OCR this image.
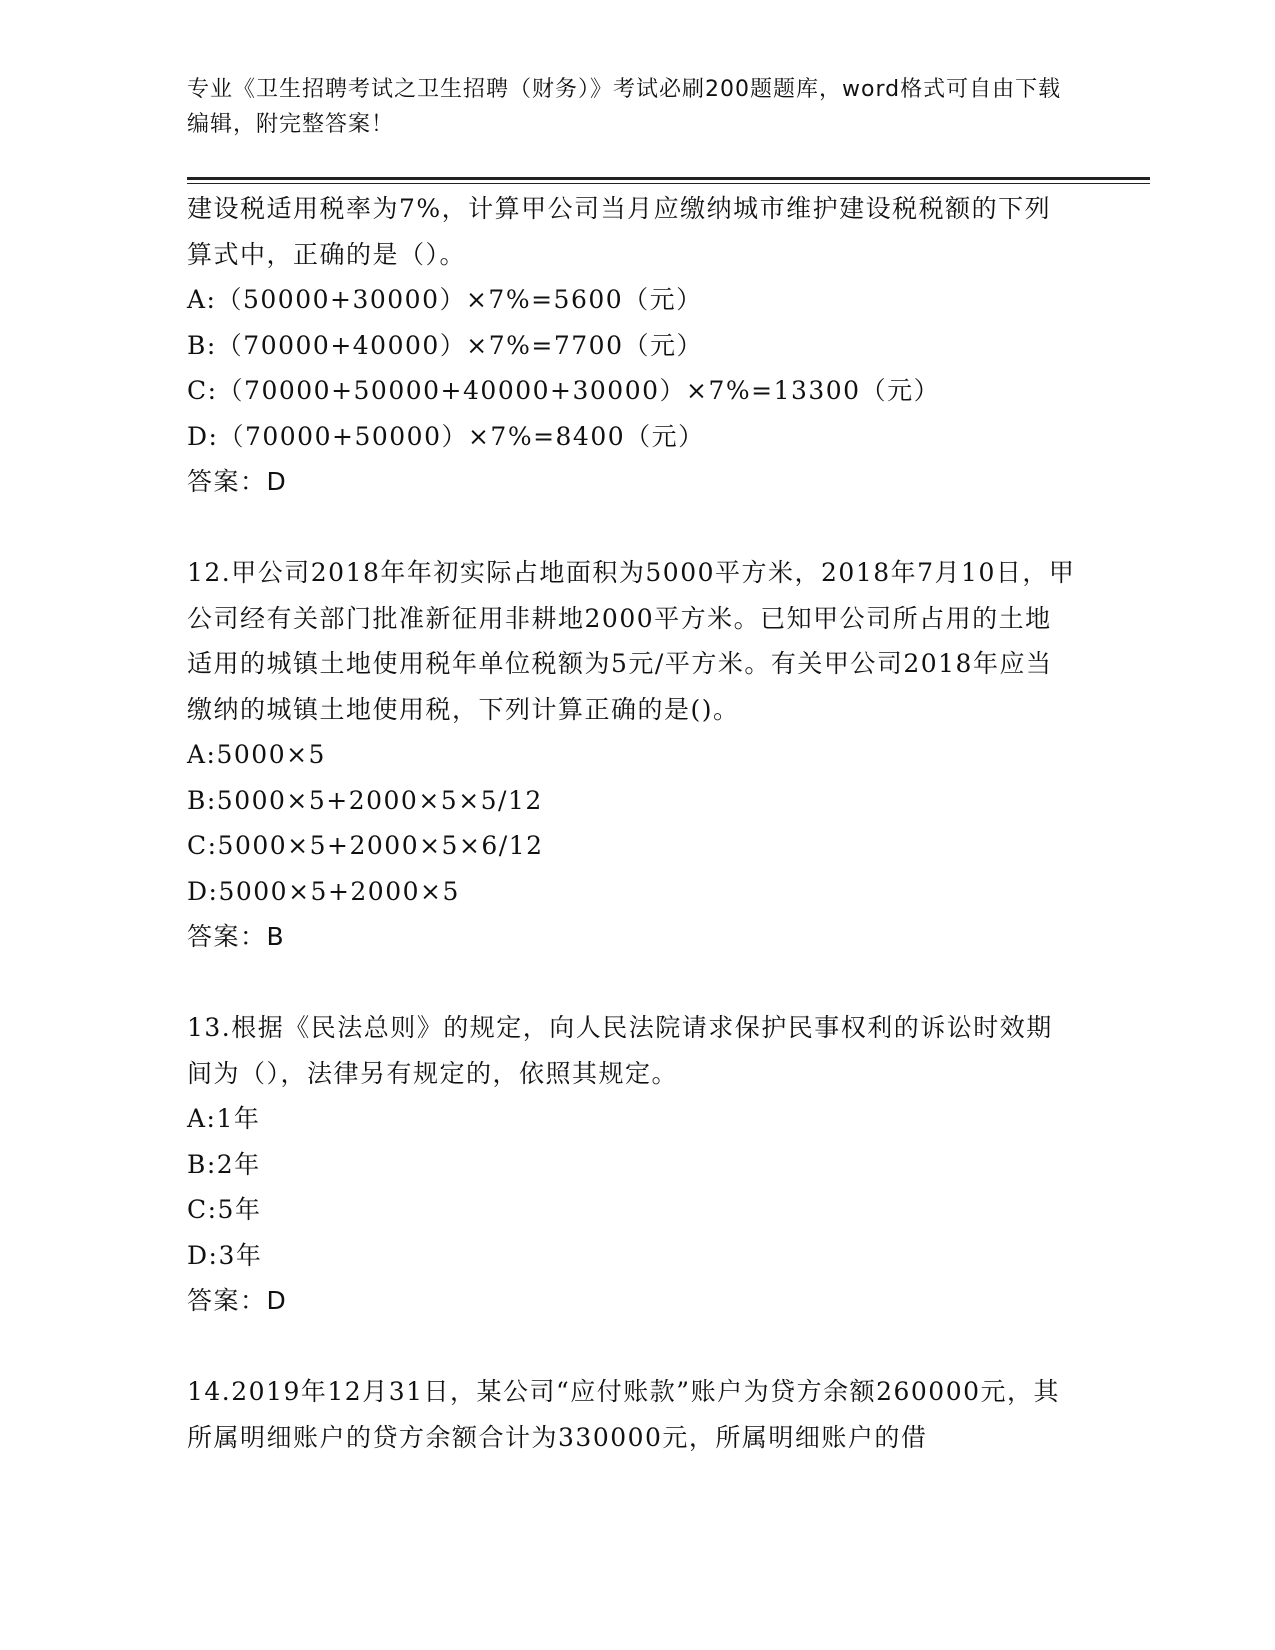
专业《卫生招聘考试之卫生招聘（财务）》考试必刷200题题库，word格式可自由下载编辑，附完整答案！

建设税适用税率为7%，计算甲公司当月应缴纳城市维护建设税税额的下列算式中，正确的是（）。

A:（50000+30000）×7%=5600（元）

B:（70000+40000）×7%=7700（元）

C:（70000+50000+40000+30000）×7%=13300（元）

D:（70000+50000）×7%=8400（元）

答案：D

12.甲公司2018年年初实际占地面积为5000平方米，2018年7月10日，甲公司经有关部门批准新征用非耕地2000平方米。已知甲公司所占用的土地适用的城镇土地使用税年单位税额为5元/平方米。有关甲公司2018年应当缴纳的城镇土地使用税，下列计算正确的是()。

A:5000×5

B:5000×5+2000×5×5/12

C:5000×5+2000×5×6/12

D:5000×5+2000×5

答案：B

13.根据《民法总则》的规定，向人民法院请求保护民事权利的诉讼时效期间为（），法律另有规定的，依照其规定。

A:1年

B:2年

C:5年

D:3年

答案：D

14.2019年12月31日，某公司“应付账款”账户为贷方余额260000元，其所属明细账户的贷方余额合计为330000元，所属明细账户的借
